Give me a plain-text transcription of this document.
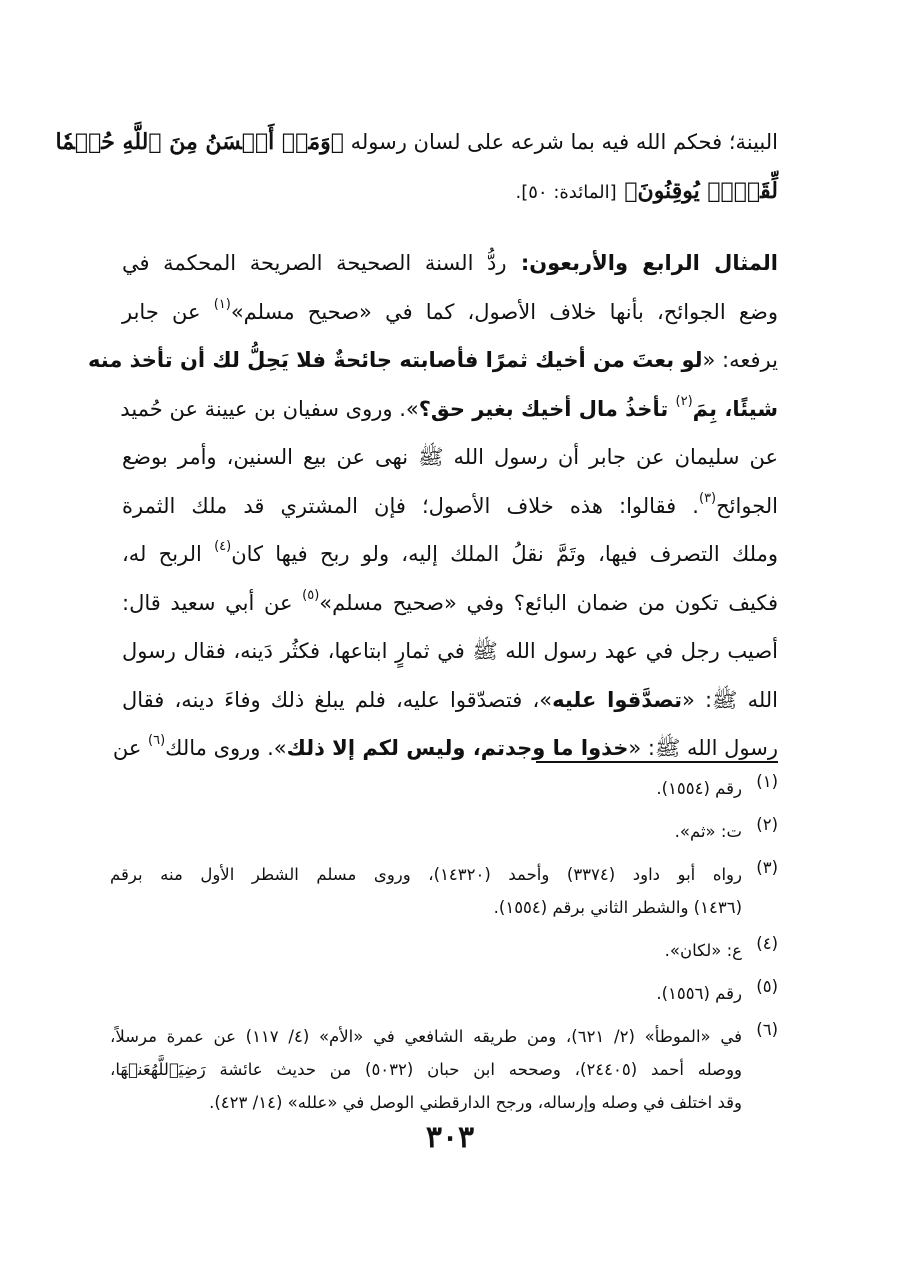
البينة؛ فحكم الله فيه بما شرعه على لسان رسوله ﴿وَمَنۡ أَحۡسَنُ مِنَ ٱللَّهِ حُكۡمٗا
لِّقَوۡمٖ يُوقِنُونَ﴾ [المائدة: ٥٠].
المثال الرابع والأربعون: ردُّ السنة الصحيحة الصريحة المحكمة في
وضع الجوائح، بأنها خلاف الأصول، كما في «صحيح مسلم»$^{(١)}$ عن جابر
يرفعه: «لو بعتَ من أخيك ثمرًا فأصابته جائحةٌ فلا يَحِلُّ لك أن تأخذ منه
شيئًا، بِمَ$^{(٢)}$ تأخذُ مال أخيك بغير حق؟». وروى سفيان بن عيينة عن حُميد
عن سليمان عن جابر أن رسول الله ﷺ نهى عن بيع السنين، وأمر بوضع
الجوائح$^{(٣)}$. فقالوا: هذه خلاف الأصول؛ فإن المشتري قد ملك الثمرة
وملك التصرف فيها، وتَمَّ نقلُ الملك إليه، ولو ربح فيها كان$^{(٤)}$ الربح له،
فكيف تكون من ضمان البائع؟ وفي «صحيح مسلم»$^{(٥)}$ عن أبي سعيد قال:
أصيب رجل في عهد رسول الله ﷺ في ثمارٍ ابتاعها، فكثُر دَينه، فقال رسول
الله ﷺ: «تصدَّقوا عليه»، فتصدّقوا عليه، فلم يبلغ ذلك وفاءَ دينه، فقال
رسول الله ﷺ: «خذوا ما وجدتم، وليس لكم إلا ذلك». وروى مالك$^{(٦)}$ عن
(١)
رقم (١٥٥٤).
(٢)
ت: «ثم».
(٣)
رواه أبو داود (٣٣٧٤) وأحمد (١٤٣٢٠)، وروى مسلم الشطر الأول منه برقم
(١٤٣٦) والشطر الثاني برقم (١٥٥٤).
(٤)
ع: «لكان».
(٥)
رقم (١٥٥٦).
(٦)
في «الموطأ» (٢/ ٦٢١)، ومن طريقه الشافعي في «الأم» (٤/ ١١٧) عن عمرة مرسلاً،
ووصله أحمد (٢٤٤٠٥)، وصححه ابن حبان (٥٠٣٢) من حديث عائشة رَضِيَٱللَّهُعَنۡهَا،
وقد اختلف في وصله وإرساله، ورجح الدارقطني الوصل في «علله» (١٤/ ٤٢٣).
٣٠٣
